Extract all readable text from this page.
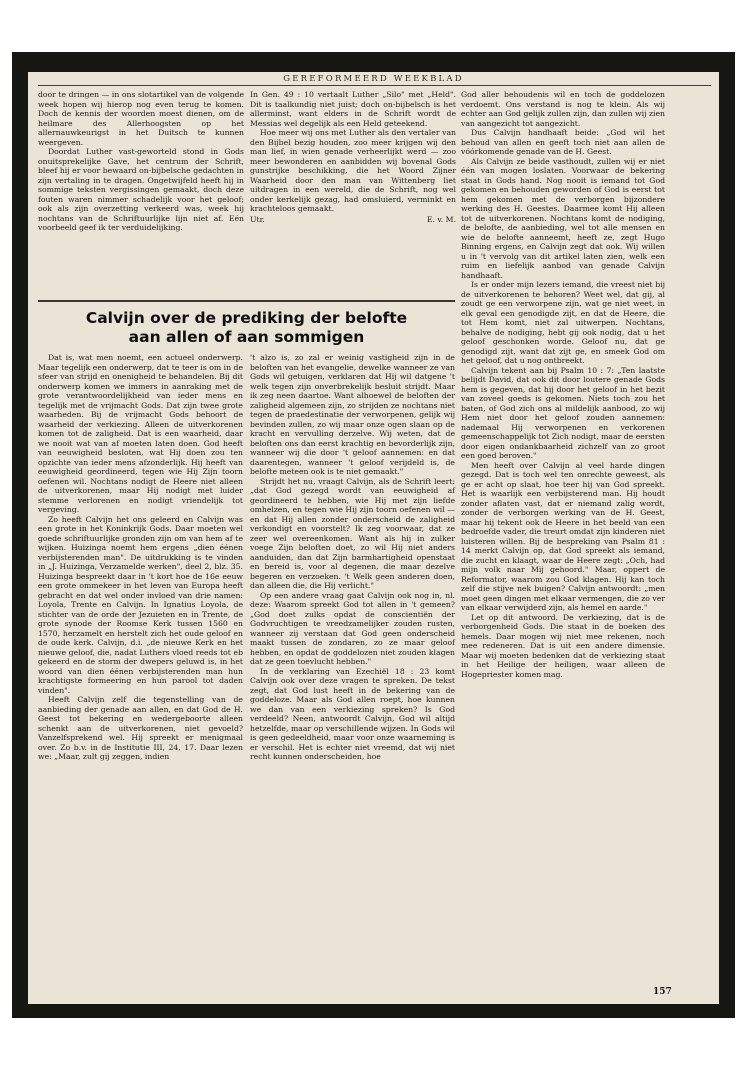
GEREFORMEERD WEEKBLAD

door te dringen — in ons slotartikel van de volgende week hopen wij hierop nog even terug te komen. Doch de kennis der woorden moest dienen, om de heilmare des Allerhoogsten op het allernauwkeurigst in het Duitsch te kunnen weergeven.

Doordat Luther vast-geworteld stond in Gods onuitsprekelijke Gave, het centrum der Schrift, bleef hij er voor bewaard on-bijbelsche gedachten in zijn vertaling in te dragen. Ongetwijfeld heeft hij in sommige teksten vergissingen gemaakt, doch deze fouten waren nimmer schadelijk voor het geloof; ook als zijn overzetting verkeerd was, week hij nochtans van de Schriftuurlijke lijn niet af. Eén voorbeeld geef ik ter verduidelijking.

In Gen. 49 : 10 vertaalt Luther „Silo" met „Held". Dit is taalkundig niet juist; doch on-bijbelsch is het allerminst, want elders in de Schrift wordt de Messias wel degelijk als een Held geteekend.

Hoe meer wij ons met Luther als den vertaler van den Bijbel bezig houden, zoo meer krijgen wij den man lief, in wien genade verheerlijkt werd — zoo meer bewonderen en aanbidden wij bovenal Gods gunstrijke beschikking, die het Woord Zijner Waarheid door den man van Wittenberg liet uitdragen in een wereld, die de Schrift, nog wel onder kerkelijk gezag, had omsluierd, verminkt en krachteloos gemaakt.

Utr.	E. v. M.
Calvijn over de prediking der belofte
aan allen of aan sommigen

Dat is, wat men noemt, een actueel onderwerp. Maar tegelijk een onderwerp, dat te teer is om in de sfeer van strijd en onenigheid te behandelen. Bij dit onderwerp komen we immers in aanraking met de grote verantwoordelijkheid van ieder mens en tegelijk met de vrijmacht Gods. Dat zijn twee grote waarheden. Bij de vrijmacht Gods behoort de waarheid der verkiezing. Alleen de uitverkorenen komen tot de zaligheid. Dat is een waarheid, daar we nooit wat van af moeten laten doen. God heeft van eeuwigheid besloten, wat Hij doen zou ten opzichte van ieder mens afzonderlijk. Hij heeft van eeuwigheid geordineerd, tegen wie Hij Zijn toorn oefenen wil. Nochtans nodigt de Heere niet alleen de uitverkorenen, maar Hij nodigt met luider stemme verlorenen en nodigt vriendelijk tot vergeving.

Zo heeft Calvijn het ons geleerd en Calvijn was een grote in het Koninkrijk Gods. Daar moeten wel goede schriftuurlijke gronden zijn om van hem af te wijken. Huizinga noemt hem ergens „dien éénen verbijsterenden man". De uitdrukking is te vinden in „J. Huizinga, Verzamelde werken", deel 2, blz. 35. Huizinga bespreekt daar in 't kort hoe de 16e eeuw een grote ommekeer in het leven van Europa heeft gebracht en dat wel onder invloed van drie namen: Loyola, Trente en Calvijn. In Ignatius Loyola, de stichter van de orde der Jezuieten en in Trente, de grote synode der Roomse Kerk tussen 1560 en 1570, herzamelt en herstelt zich het oude geloof en de oude kerk. Calvijn, d.i. „de nieuwe Kerk en het nieuwe geloof, die, nadat Luthers vloed reeds tot eb gekeerd en de storm der dwepers geluwd is, in het woord van dien éénen verbijsterenden man hun krachtigste formeering en hun parool tot daden vinden".

Heeft Calvijn zelf die tegenstelling van de aanbieding der genade aan allen, en dat God de H. Geest tot bekering en wedergeboorte alleen schenkt aan de uitverkorenen, niet gevoeld? Vanzelfsprekend wel. Hij spreekt er menigmaal over. Zo b.v. in de Institutie III, 24, 17. Daar lezen we: „Maar, zult gij zeggen, indien

't alzo is, zo zal er weinig vastigheid zijn in de beloften van het evangelie, dewelke wanneer ze van Gods wil getuigen, verklaren dat Hij wil datgene 't welk tegen zijn onverbrekelijk besluit strijdt. Maar ik zeg neen daartoe. Want alhoewel de beloften der zaligheid algemeen zijn, zo strijden ze nochtans niet tegen de praedestinatie der verworpenen, gelijk wij bevinden zullen, zo wij maar onze ogen slaan op de kracht en vervulling derzelve. Wij weten, dat de beloften ons dan eerst krachtig en bevorderlijk zijn, wanneer wij die door 't geloof aannemen: en dat daarentegen, wanneer 't geloof verijdeld is, de belofte meteen ook is te niet gemaakt."

Strijdt het nu, vraagt Calvijn, als de Schrift leert: „dat God gezegd wordt van eeuwigheid af geordineerd te hebben, wie Hij met zijn liefde omhelzen, en tegen wie Hij zijn toorn oefenen wil — en dat Hij allen zonder onderscheid de zaligheid verkondigt en voorstelt? Ik zeg voorwaar, dat ze zeer wel overeenkomen. Want als hij in zulker voege Zijn beloften doet, zo wil Hij niet anders aanduiden, dan dat Zijn barmhartigheid openstaat en bereid is, voor al degenen, die maar dezelve begeren en verzoeken. 't Welk geen anderen doen, dan alleen die, die Hij verlicht."

Op een andere vraag gaat Calvijn ook nog in, nl. deze: Waarom spreekt God tot allen in 't gemeen? „God doet zulks opdat de conscientiën der Godvruchtigen te vreedzamelijker zouden rusten, wanneer zij verstaan dat God geen onderscheid maakt tussen de zondaren, zo ze maar geloof hebben, en opdat de goddelozen niet zouden klagen dat ze geen toevlucht hebben."

In de verklaring van Ezechiël 18 : 23 komt Calvijn ook over deze vragen te spreken. De tekst zegt, dat God lust heeft in de bekering van de goddeloze. Maar als God allen roept, hoe kunnen we dan van een verkiezing spreken? Is God verdeeld? Neen, antwoordt Calvijn, God wil altijd hetzelfde, maar op verschillende wijzen. In Gods wil is geen gedeeldheid, maar voor onze waarneming is er verschil. Het is echter niet vreemd, dat wij niet recht kunnen onderscheiden, hoe

God aller behoudenis wil en toch de goddelozen verdoemt. Ons verstand is nog te klein. Als wij echter aan God gelijk zullen zijn, dan zullen wij zien van aangezicht tot aangezicht.

Dus Calvijn handhaaft beide: „God wil het behoud van allen en geeft toch niet aan allen de vóórkomende genade van de H. Geest.

Als Calvijn ze beide vasthoudt, zullen wij er niet één van mogen loslaten. Voorwaar de bekering staat in Gods hand. Nog nooit is iemand tot God gekomen en behouden geworden of God is eerst tot hem gekomen met de verborgen bijzondere werking des H. Geestes. Daarmee komt Hij alleen tot de uitverkorenen. Nochtans komt de nodiging, de belofte, de aanbieding, wel tot alle mensen en wie de belofte aanneemt, heeft ze, zegt Hugo Binning ergens, en Calvijn zegt dat ook. Wij willen u in 't vervolg van dit artikel laten zien, welk een ruim en liefelijk aanbod van genade Calvijn handhaaft.

Is er onder mijn lezers iemand, die vreest niet bij de uitverkorenen te behoren? Weet wel, dat gij, al zoudt ge een verworpene zijn, wat ge niet weet, in elk geval een genodigde zijt, en dat de Heere, die tot Hem komt, niet zal uitwerpen. Nochtans, behalve de nodiging, hebt gij ook nodig, dat u het geloof geschonken worde. Geloof nu, dat ge genodigd zijt, want dat zijt ge, en smeek God om het geloof, dat u nog ontbreekt.

Calvijn tekent aan bij Psalm 10 : 7: „Ten laatste belijdt David, dat ook dit door loutere genade Gods hem is gegeven, dat hij door het geloof in het bezit van zoveel goeds is gekomen. Niets toch zou het baten, of God zich ons al mildelijk aanbood, zo wij Hem niet door het geloof zouden aannemen: nademaal Hij verworpenen en verkorenen gemeenschappelijk tot Zich nodigt, maar de eersten door eigen ondankbaarheid zichzelf van zo groot een goed beroven."

Men heeft over Calvijn al veel harde dingen gezegd. Dat is toch wel ten onrechte geweest, als ge er acht op slaat, hoe teer hij van God spreekt. Het is waarlijk een verbijsterend man. Hij houdt zonder aflaten vast, dat er niemand zalig wordt, zonder de verborgen werking van de H. Geest, maar hij tekent ook de Heere in het beeld van een bedroefde vader, die treurt omdat zijn kinderen niet luisteren willen. Bij de bespreking van Psalm 81 : 14 merkt Calvijn op, dat God spreekt als iemand, die zucht en klaagt, waar de Heere zegt: „Och, had mijn volk naar Mij gehoord." Maar, oppert de Reformator, waarom zou God klagen. Hij kan toch zelf die stijve nek buigen? Calvijn antwoordt: „men moet geen dingen met elkaar vermengen, die zo ver van elkaar verwijderd zijn, als hemel en aarde."

Let op dit antwoord. De verkiezing, dat is de verborgenheid Gods. Die staat in de boeken des hemels. Daar mogen wij niet mee rekenen, noch mee redeneren. Dat is uit een andere dimensie. Maar wij moeten bedenken dat de verkiezing staat in het Heilige der heiligen, waar alleen de Hogepriester komen mag.

157
